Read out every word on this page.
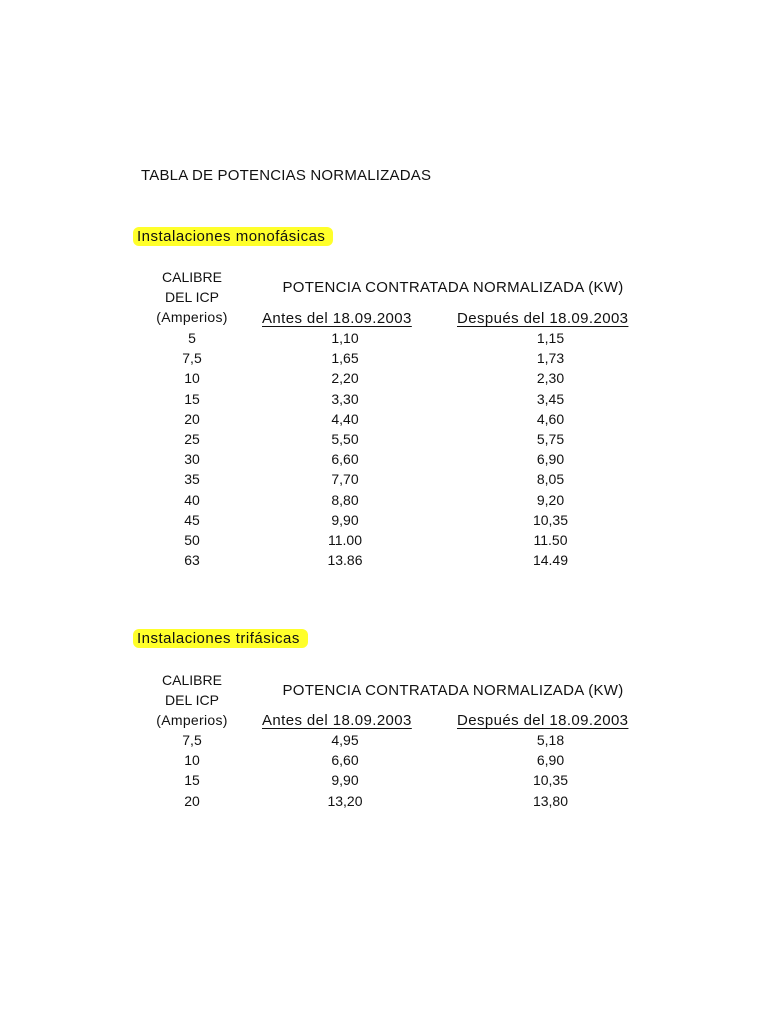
TABLA DE POTENCIAS NORMALIZADAS
Instalaciones monofásicas
CALIBRE
DEL ICP
(Amperios)
POTENCIA CONTRATADA NORMALIZADA (KW)
Antes del 18.09.2003	Después del 18.09.2003
5	1,10	1,15
7,5	1,65	1,73
10	2,20	2,30
15	3,30	3,45
20	4,40	4,60
25	5,50	5,75
30	6,60	6,90
35	7,70	8,05
40	8,80	9,20
45	9,90	10,35
50	11.00	11.50
63	13.86	14.49
Instalaciones trifásicas
CALIBRE
DEL ICP
(Amperios)
POTENCIA CONTRATADA NORMALIZADA (KW)
Antes del 18.09.2003	Después del 18.09.2003
7,5	4,95	5,18
10	6,60	6,90
15	9,90	10,35
20	13,20	13,80
